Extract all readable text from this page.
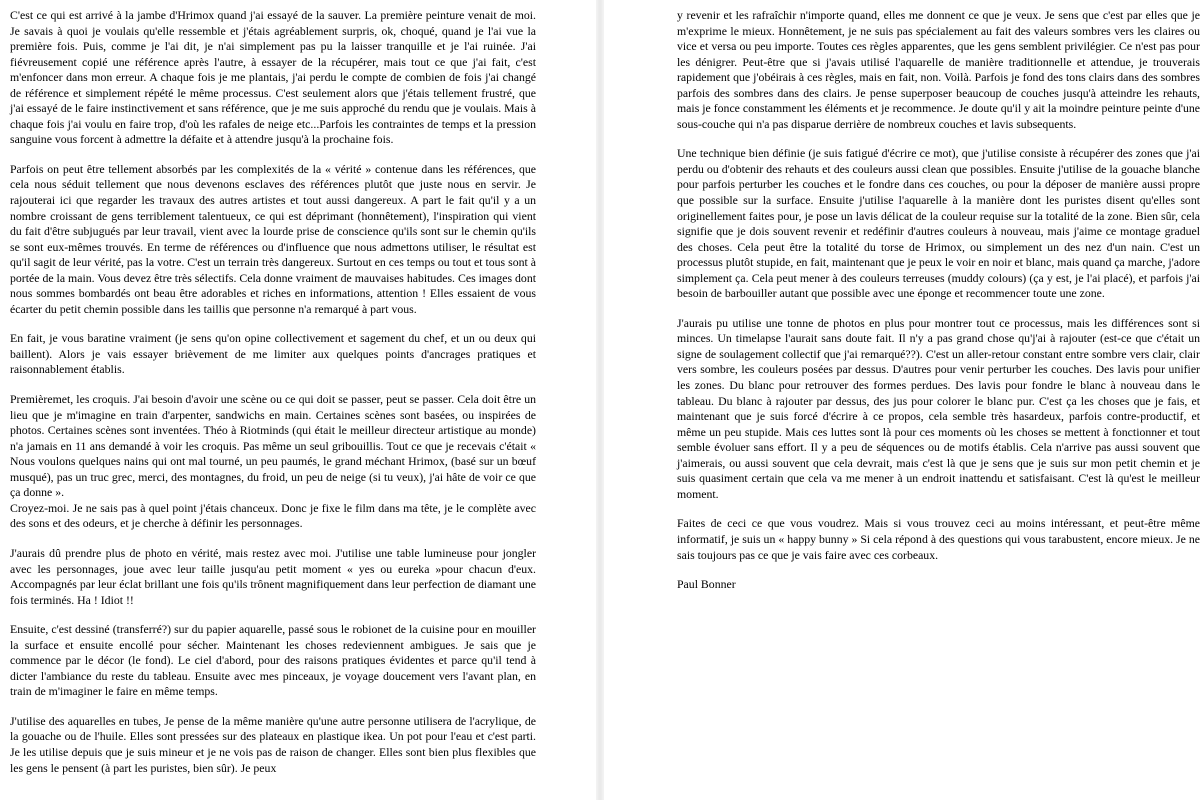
C'est ce qui est arrivé à la jambe d'Hrimox quand j'ai essayé de la sauver. La première peinture venait de moi. Je savais à quoi je voulais qu'elle ressemble et j'étais agréablement surpris, ok, choqué, quand je l'ai vue la première fois. Puis, comme je l'ai dit, je n'ai simplement pas pu la laisser tranquille et je l'ai ruinée. J'ai fiévreusement copié une référence après l'autre, à essayer de la récupérer, mais tout ce que j'ai fait, c'est m'enfoncer dans mon erreur. A chaque fois je me plantais, j'ai perdu le compte de combien de fois j'ai changé de référence et simplement répété le même processus. C'est seulement alors que j'étais tellement frustré, que j'ai essayé de le faire instinctivement et sans référence, que je me suis approché du rendu que je voulais. Mais à chaque fois j'ai voulu en faire trop, d'où les rafales de neige etc...Parfois les contraintes de temps et la pression sanguine vous forcent à admettre la défaite et à attendre jusqu'à la prochaine fois.

Parfois on peut être tellement absorbés par les complexités de la « vérité » contenue dans les références, que cela nous séduit tellement que nous devenons esclaves des références plutôt que juste nous en servir. Je rajouterai ici que regarder les travaux des autres artistes et tout aussi dangereux. A part le fait qu'il y a un nombre croissant de gens terriblement talentueux, ce qui est déprimant (honnêtement), l'inspiration qui vient du fait d'être subjugués par leur travail, vient avec la lourde prise de conscience qu'ils sont sur le chemin qu'ils se sont eux-mêmes trouvés. En terme de références ou d'influence que nous admettons utiliser, le résultat est qu'il sagit de leur vérité, pas la votre. C'est un terrain très dangereux. Surtout en ces temps ou tout et tous sont à portée de la main. Vous devez être très sélectifs. Cela donne vraiment de mauvaises habitudes. Ces images dont nous sommes bombardés ont beau être adorables et riches en informations, attention ! Elles essaient de vous écarter du petit chemin possible dans les taillis que personne n'a remarqué à part vous.

En fait, je vous baratine vraiment (je sens qu'on opine collectivement et sagement du chef, et un ou deux qui baillent). Alors je vais essayer brièvement de me limiter aux quelques points d'ancrages pratiques et raisonnablement établis.

Premièremet, les croquis. J'ai besoin d'avoir une scène ou ce qui doit se passer, peut se passer. Cela doit être un lieu que je m'imagine en train d'arpenter, sandwichs en main. Certaines scènes sont basées, ou inspirées de photos. Certaines scènes sont inventées. Théo à Riotminds (qui était le meilleur directeur artistique au monde) n'a jamais en 11 ans demandé à voir les croquis. Pas même un seul gribouillis. Tout ce que je recevais c'était « Nous voulons quelques nains qui ont mal tourné, un peu paumés, le grand méchant Hrimox, (basé sur un bœuf musqué), pas un truc grec, merci, des montagnes, du froid, un peu de neige (si tu veux), j'ai hâte de voir ce que ça donne ».

Croyez-moi. Je ne sais pas à quel point j'étais chanceux. Donc je fixe le film dans ma tête, je le complète avec des sons et des odeurs, et je cherche à définir les personnages.

J'aurais dû prendre plus de photo en vérité, mais restez avec moi. J'utilise une table lumineuse pour jongler avec les personnages, joue avec leur taille jusqu'au petit moment « yes ou eureka »pour chacun d'eux. Accompagnés par leur éclat brillant une fois qu'ils trônent magnifiquement dans leur perfection de diamant une fois terminés. Ha ! Idiot !!

Ensuite, c'est dessiné (transferré?) sur du papier aquarelle, passé sous le robionet de la cuisine pour en mouiller la surface et ensuite encollé pour sécher. Maintenant les choses redeviennent ambigues. Je sais que je commence par le décor (le fond). Le ciel d'abord, pour des raisons pratiques évidentes et parce qu'il tend à dicter l'ambiance du reste du tableau. Ensuite avec mes pinceaux, je voyage doucement vers l'avant plan, en train de m'imaginer le faire en même temps.

J'utilise des aquarelles en tubes, Je pense de la même manière qu'une autre personne utilisera de l'acrylique, de la gouache ou de l'huile. Elles sont pressées sur des plateaux en plastique ikea. Un pot pour l'eau et c'est parti. Je les utilise depuis que je suis mineur et je ne vois pas de raison de changer. Elles sont bien plus flexibles que les gens le pensent (à part les puristes, bien sûr). Je peux

y revenir et les rafraîchir n'importe quand, elles me donnent ce que je veux. Je sens que c'est par elles que je m'exprime le mieux. Honnêtement, je ne suis pas spécialement au fait des valeurs sombres vers les claires ou vice et versa ou peu importe. Toutes ces règles apparentes, que les gens semblent privilégier. Ce n'est pas pour les dénigrer. Peut-être que si j'avais utilisé l'aquarelle de manière traditionnelle et attendue, je trouverais rapidement que j'obéirais à ces règles, mais en fait, non. Voilà. Parfois je fond des tons clairs dans des sombres parfois des sombres dans des clairs. Je pense superposer beaucoup de couches jusqu'à atteindre les rehauts, mais je fonce constamment les éléments et je recommence. Je doute qu'il y ait la moindre peinture peinte d'une sous-couche qui n'a pas disparue derrière de nombreux couches et lavis subsequents.

Une technique bien définie (je suis fatigué d'écrire ce mot), que j'utilise consiste à récupérer des zones que j'ai perdu ou d'obtenir des rehauts et des couleurs aussi clean que possibles. Ensuite j'utilise de la gouache blanche pour parfois perturber les couches et le fondre dans ces couches, ou pour la déposer de manière aussi propre que possible sur la surface. Ensuite j'utilise l'aquarelle à la manière dont les puristes disent qu'elles sont originellement faites pour, je pose un lavis délicat de la couleur requise sur la totalité de la zone. Bien sûr, cela signifie que je dois souvent revenir et redéfinir d'autres couleurs à nouveau, mais j'aime ce montage graduel des choses. Cela peut être la totalité du torse de Hrimox, ou simplement un des nez d'un nain. C'est un processus plutôt stupide, en fait, maintenant que je peux le voir en noir et blanc, mais quand ça marche, j'adore simplement ça. Cela peut mener à des couleurs terreuses (muddy colours) (ça y est, je l'ai placé), et parfois j'ai besoin de barbouiller autant que possible avec une éponge et recommencer toute une zone.

J'aurais pu utilise une tonne de photos en plus pour montrer tout ce processus, mais les différences sont si minces. Un timelapse l'aurait sans doute fait. Il n'y a pas grand chose qu'j'ai à rajouter (est-ce que c'était un signe de soulagement collectif que j'ai remarqué??). C'est un aller-retour constant entre sombre vers clair, clair vers sombre, les couleurs posées par dessus. D'autres pour venir perturber les couches. Des lavis pour unifier les zones. Du blanc pour retrouver des formes perdues. Des lavis pour fondre le blanc à nouveau dans le tableau. Du blanc à rajouter par dessus, des jus pour colorer le blanc pur. C'est ça les choses que je fais, et maintenant que je suis forcé d'écrire à ce propos, cela semble très hasardeux, parfois contre-productif, et même un peu stupide. Mais ces luttes sont là pour ces moments où les choses se mettent à fonctionner et tout semble évoluer sans effort. Il y a peu de séquences ou de motifs établis. Cela n'arrive pas aussi souvent que j'aimerais, ou aussi souvent que cela devrait, mais c'est là que je sens que je suis sur mon petit chemin et je suis quasiment certain que cela va me mener à un endroit inattendu et satisfaisant. C'est là qu'est le meilleur moment.

Faites de ceci ce que vous voudrez. Mais si vous trouvez ceci au moins intéressant, et peut-être même informatif, je suis un « happy bunny » Si cela répond à des questions qui vous tarabustent, encore mieux. Je ne sais toujours pas ce que je vais faire avec ces corbeaux.

Paul Bonner
